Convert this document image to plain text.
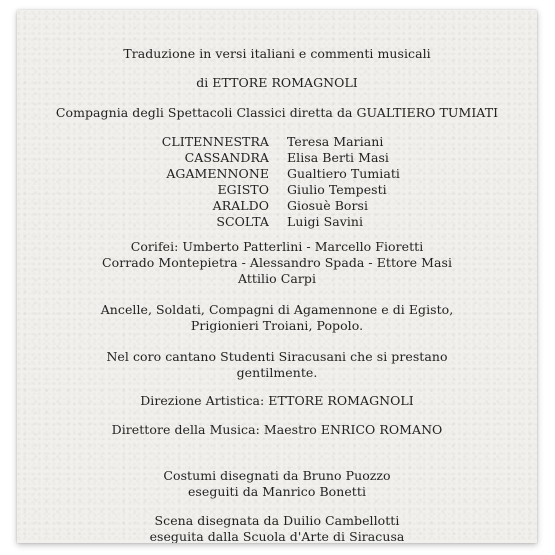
Traduzione in versi italiani e commenti musicali
di ETTORE ROMAGNOLI
Compagnia degli Spettacoli Classici diretta da GUALTIERO TUMIATI
CLITENNESTRA Teresa Mariani
CASSANDRA Elisa Berti Masi
AGAMENNONE Gualtiero Tumiati
EGISTO Giulio Tempesti
ARALDO Giosuè Borsi
SCOLTA Luigi Savini
Corifei: Umberto Patterlini - Marcello Fioretti
Corrado Montepietra - Alessandro Spada - Ettore Masi
Attilio Carpi
Ancelle, Soldati, Compagni di Agamennone e di Egisto,
Prigionieri Troiani, Popolo.
Nel coro cantano Studenti Siracusani che si prestano
gentilmente.
Direzione Artistica: ETTORE ROMAGNOLI
Direttore della Musica: Maestro ENRICO ROMANO
Costumi disegnati da Bruno Puozzo
eseguiti da Manrico Bonetti
Scena disegnata da Duilio Cambellotti
eseguita dalla Scuola d'Arte di Siracusa
